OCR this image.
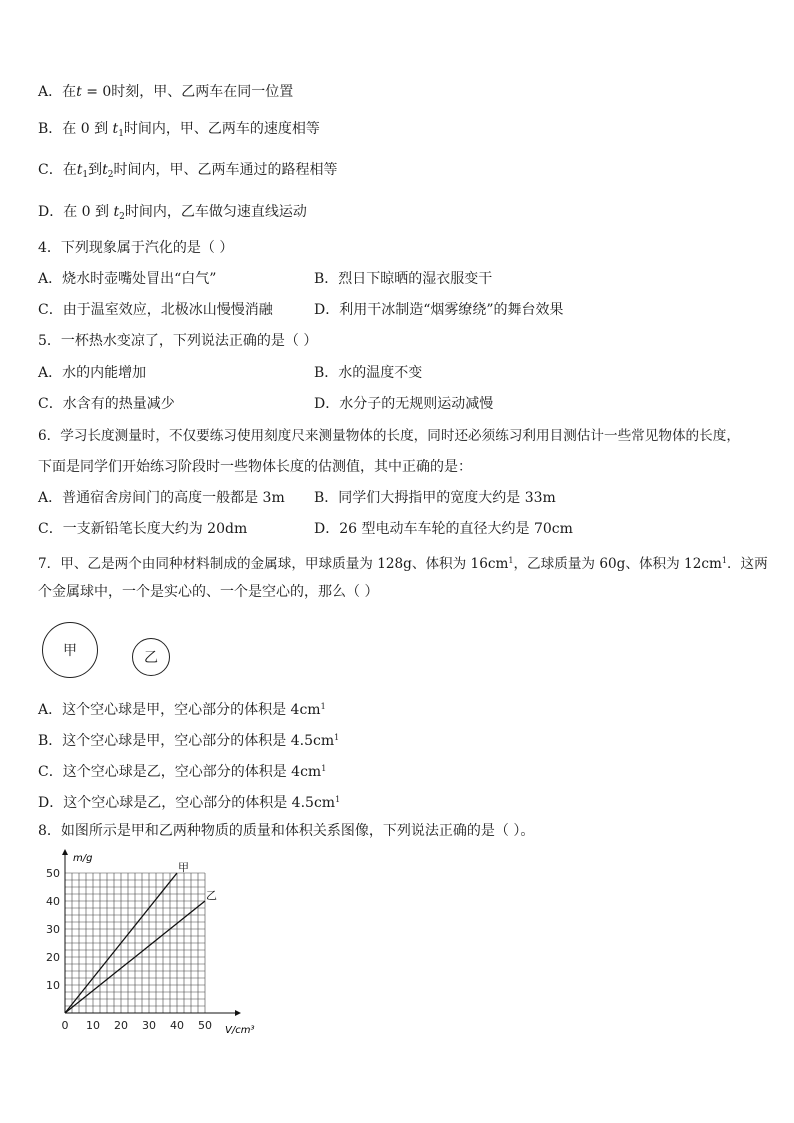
A．在t = 0时刻，甲、乙两车在同一位置
B．在 0 到 $t_1$时间内，甲、乙两车的速度相等
C．在$t_1$到$t_2$时间内，甲、乙两车通过的路程相等
D．在 0 到 $t_2$时间内，乙车做匀速直线运动
4．下列现象属于汽化的是（ ）
A．烧水时壶嘴处冒出“白气”	B．烈日下晾晒的湿衣服变干
C．由于温室效应，北极冰山慢慢消融	D．利用干冰制造“烟雾缭绕”的舞台效果
5．一杯热水变凉了，下列说法正确的是（ ）
A．水的内能增加	B．水的温度不变
C．水含有的热量减少	D．水分子的无规则运动减慢
6．学习长度测量时，不仅要练习使用刻度尺来测量物体的长度，同时还必须练习利用目测估计一些常见物体的长度，
下面是同学们开始练习阶段时一些物体长度的估测值，其中正确的是：
A．普通宿舍房间门的高度一般都是 3m B．同学们大拇指甲的宽度大约是 33m
C．一支新铅笔长度大约为 20dm	D．26 型电动车车轮的直径大约是 70cm
7．甲、乙是两个由同种材料制成的金属球，甲球质量为 128g、体积为 $16cm^1$，乙球质量为 60g、体积为 $12cm^1$．这两
个金属球中，一个是实心的、一个是空心的，那么（ ）
甲	乙
A．这个空心球是甲，空心部分的体积是 $4cm^1$
B．这个空心球是甲，空心部分的体积是 $4.5cm^1$
C．这个空心球是乙，空心部分的体积是 $4cm^1$
D．这个空心球是乙，空心部分的体积是 $4.5cm^1$
8．如图所示是甲和乙两种物质的质量和体积关系图像，下列说法正确的是（ ）。
0 10 20 30 40 50
10
20
30
40
50	甲
乙
m/g
V/cm³
